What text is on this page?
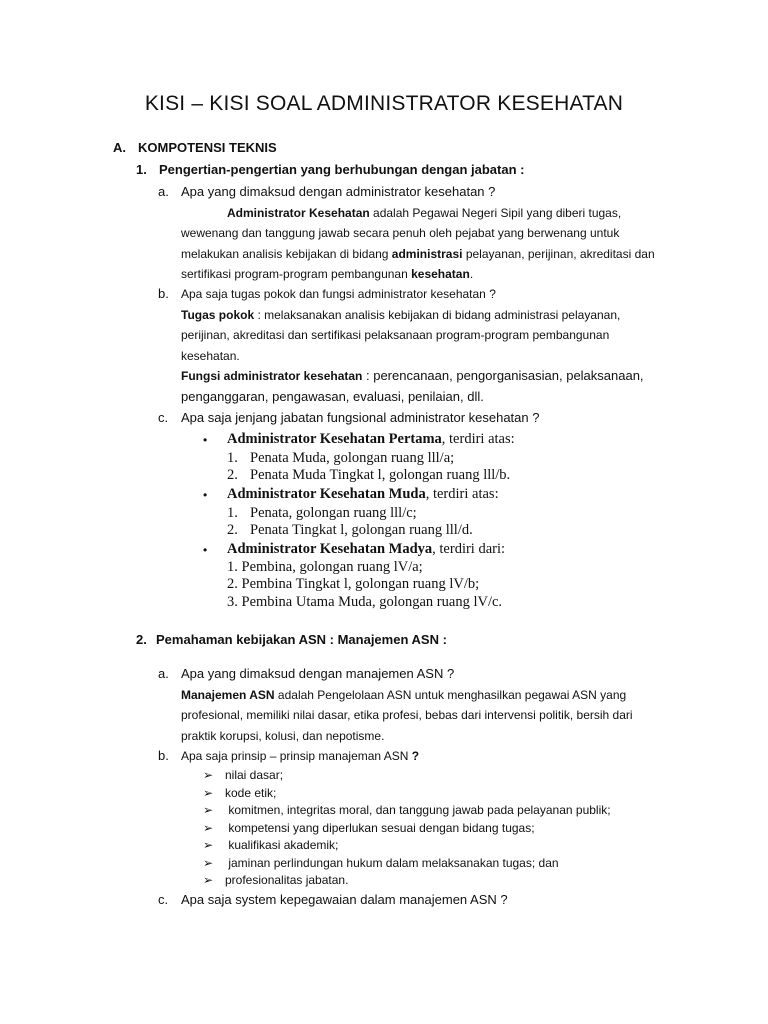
KISI – KISI SOAL ADMINISTRATOR KESEHATAN
A. KOMPOTENSI TEKNIS
1. Pengertian-pengertian yang berhubungan dengan jabatan :
a. Apa yang dimaksud dengan administrator kesehatan ?
Administrator Kesehatan adalah Pegawai Negeri Sipil yang diberi tugas,
wewenang dan tanggung jawab secara penuh oleh pejabat yang berwenang untuk
melakukan analisis kebijakan di bidang administrasi pelayanan, perijinan, akreditasi dan
sertifikasi program-program pembangunan kesehatan.
b. Apa saja tugas pokok dan fungsi administrator kesehatan ?
Tugas pokok : melaksanakan analisis kebijakan di bidang administrasi pelayanan,
perijinan, akreditasi dan sertifikasi pelaksanaan program-program pembangunan
kesehatan.
Fungsi administrator kesehatan : perencanaan, pengorganisasian, pelaksanaan,
penganggaran, pengawasan, evaluasi, penilaian, dll.
c. Apa saja jenjang jabatan fungsional administrator kesehatan ?
• Administrator Kesehatan Pertama, terdiri atas:
1. Penata Muda, golongan ruang lll/a;
2. Penata Muda Tingkat l, golongan ruang lll/b.
• Administrator Kesehatan Muda, terdiri atas:
1. Penata, golongan ruang lll/c;
2. Penata Tingkat l, golongan ruang lll/d.
• Administrator Kesehatan Madya, terdiri dari:
1. Pembina, golongan ruang lV/a;
2. Pembina Tingkat l, golongan ruang lV/b;
3. Pembina Utama Muda, golongan ruang lV/c.
2. Pemahaman kebijakan ASN : Manajemen ASN :
a. Apa yang dimaksud dengan manajemen ASN ?
Manajemen ASN adalah Pengelolaan ASN untuk menghasilkan pegawai ASN yang
profesional, memiliki nilai dasar, etika profesi, bebas dari intervensi politik, bersih dari
praktik korupsi, kolusi, dan nepotisme.
b. Apa saja prinsip – prinsip manajeman ASN ?
➢ nilai dasar;
➢ kode etik;
➢ komitmen, integritas moral, dan tanggung jawab pada pelayanan publik;
➢ kompetensi yang diperlukan sesuai dengan bidang tugas;
➢ kualifikasi akademik;
➢ jaminan perlindungan hukum dalam melaksanakan tugas; dan
➢ profesionalitas jabatan.
c. Apa saja system kepegawaian dalam manajemen ASN ?
